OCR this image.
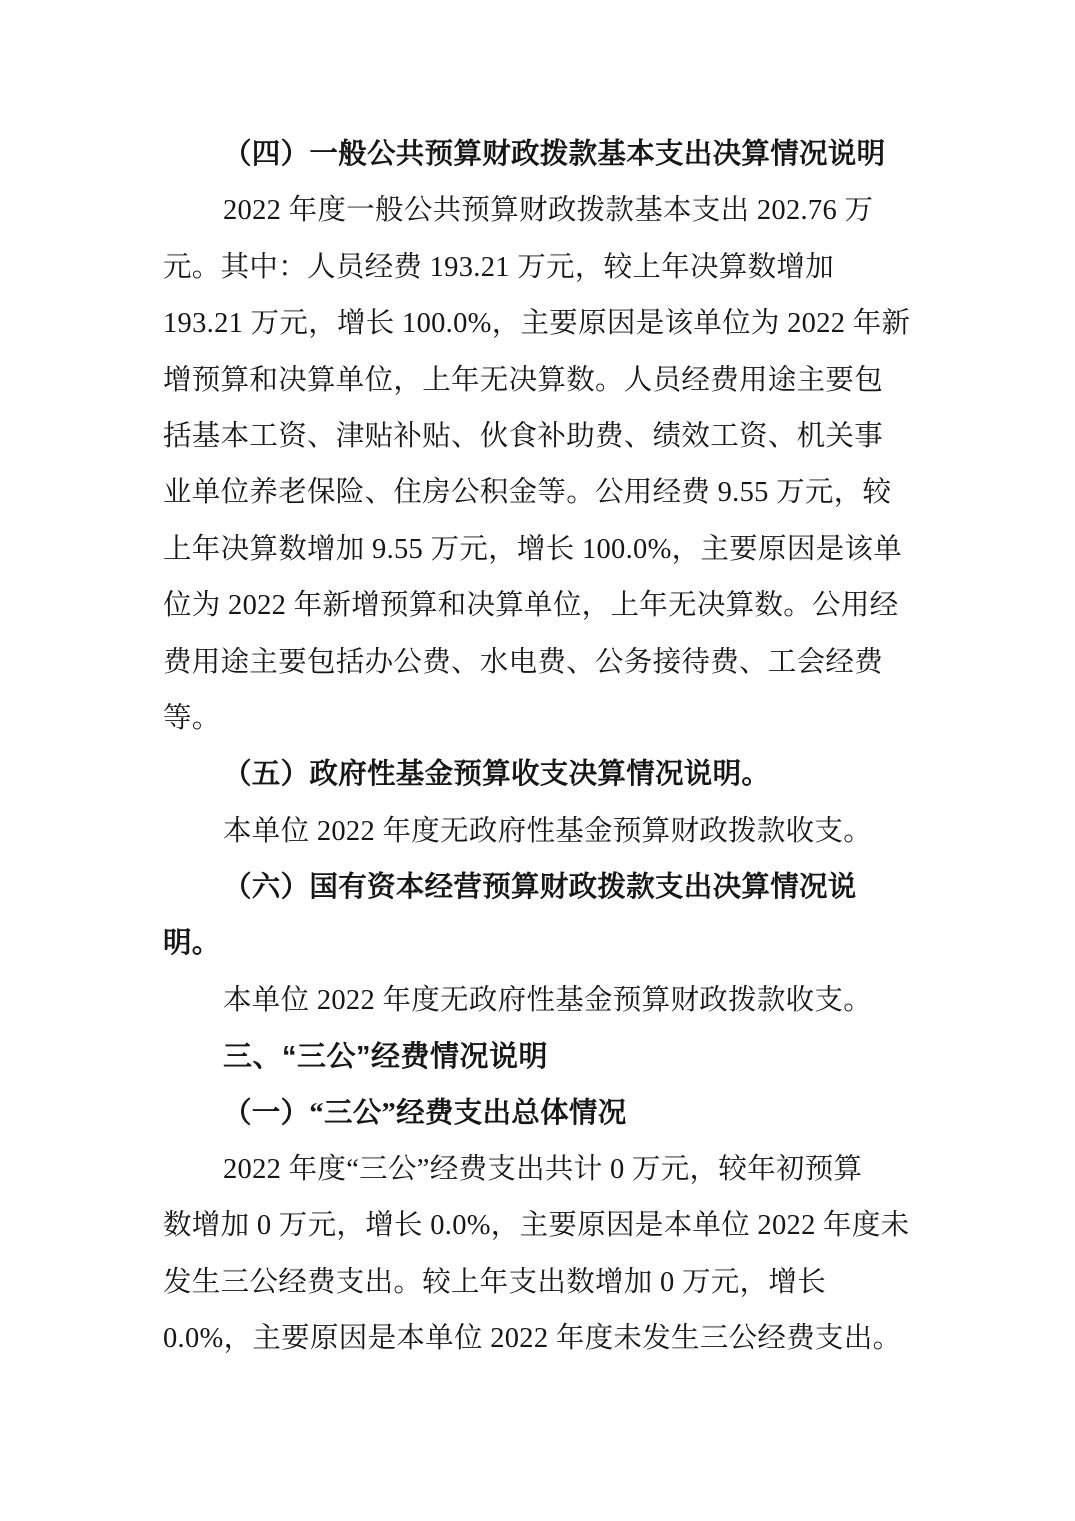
（四）一般公共预算财政拨款基本支出决算情况说明
2022 年度一般公共预算财政拨款基本支出 202.76 万
元。其中：人员经费 193.21 万元，较上年决算数增加
193.21 万元，增长 100.0%，主要原因是该单位为 2022 年新
增预算和决算单位，上年无决算数。人员经费用途主要包
括基本工资、津贴补贴、伙食补助费、绩效工资、机关事
业单位养老保险、住房公积金等。公用经费 9.55 万元，较
上年决算数增加 9.55 万元，增长 100.0%，主要原因是该单
位为 2022 年新增预算和决算单位，上年无决算数。公用经
费用途主要包括办公费、水电费、公务接待费、工会经费
等。
（五）政府性基金预算收支决算情况说明。
本单位 2022 年度无政府性基金预算财政拨款收支。
（六）国有资本经营预算财政拨款支出决算情况说
明。
本单位 2022 年度无政府性基金预算财政拨款收支。
三、“三公”经费情况说明
（一）“三公”经费支出总体情况
2022 年度“三公”经费支出共计 0 万元，较年初预算
数增加 0 万元，增长 0.0%，主要原因是本单位 2022 年度未
发生三公经费支出。较上年支出数增加 0 万元，增长
0.0%，主要原因是本单位 2022 年度未发生三公经费支出。
